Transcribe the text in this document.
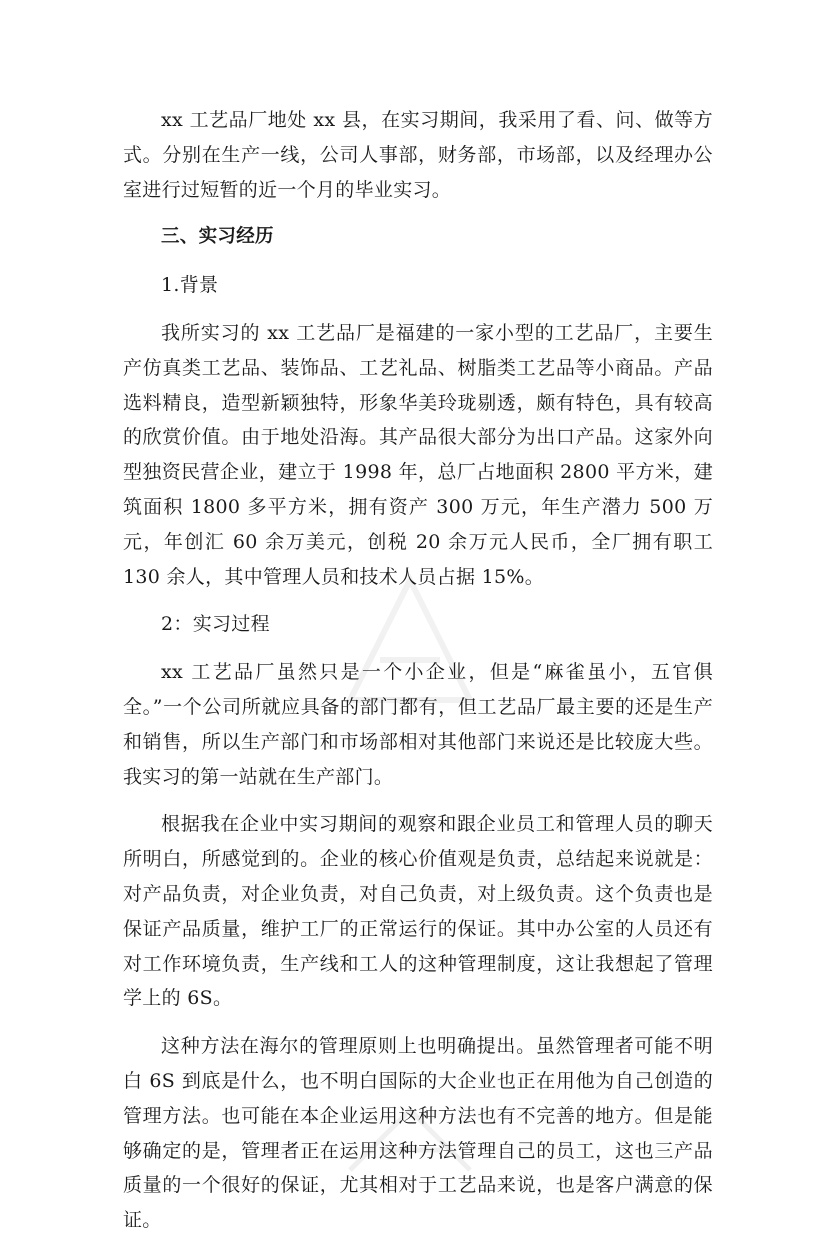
xx 工艺品厂地处 xx 县，在实习期间，我采用了看、问、做等方式。分别在生产一线，公司人事部，财务部，市场部，以及经理办公室进行过短暂的近一个月的毕业实习。

三、实习经历

1.背景

我所实习的 xx 工艺品厂是福建的一家小型的工艺品厂，主要生产仿真类工艺品、装饰品、工艺礼品、树脂类工艺品等小商品。产品选料精良，造型新颖独特，形象华美玲珑剔透，颇有特色，具有较高的欣赏价值。由于地处沿海。其产品很大部分为出口产品。这家外向型独资民营企业，建立于 1998 年，总厂占地面积 2800 平方米，建筑面积 1800 多平方米，拥有资产 300 万元，年生产潜力 500 万元，年创汇 60 余万美元，创税 20 余万元人民币，全厂拥有职工 130 余人，其中管理人员和技术人员占据 15%。

2：实习过程

xx 工艺品厂虽然只是一个小企业，但是“麻雀虽小，五官俱全。”一个公司所就应具备的部门都有，但工艺品厂最主要的还是生产和销售，所以生产部门和市场部相对其他部门来说还是比较庞大些。我实习的第一站就在生产部门。

根据我在企业中实习期间的观察和跟企业员工和管理人员的聊天所明白，所感觉到的。企业的核心价值观是负责，总结起来说就是：对产品负责，对企业负责，对自己负责，对上级负责。这个负责也是保证产品质量，维护工厂的正常运行的保证。其中办公室的人员还有对工作环境负责，生产线和工人的这种管理制度，这让我想起了管理学上的 6S。

这种方法在海尔的管理原则上也明确提出。虽然管理者可能不明白 6S 到底是什么，也不明白国际的大企业也正在用他为自己创造的管理方法。也可能在本企业运用这种方法也有不完善的地方。但是能够确定的是，管理者正在运用这种方法管理自己的员工，这也三产品质量的一个很好的保证，尤其相对于工艺品来说，也是客户满意的保证。
